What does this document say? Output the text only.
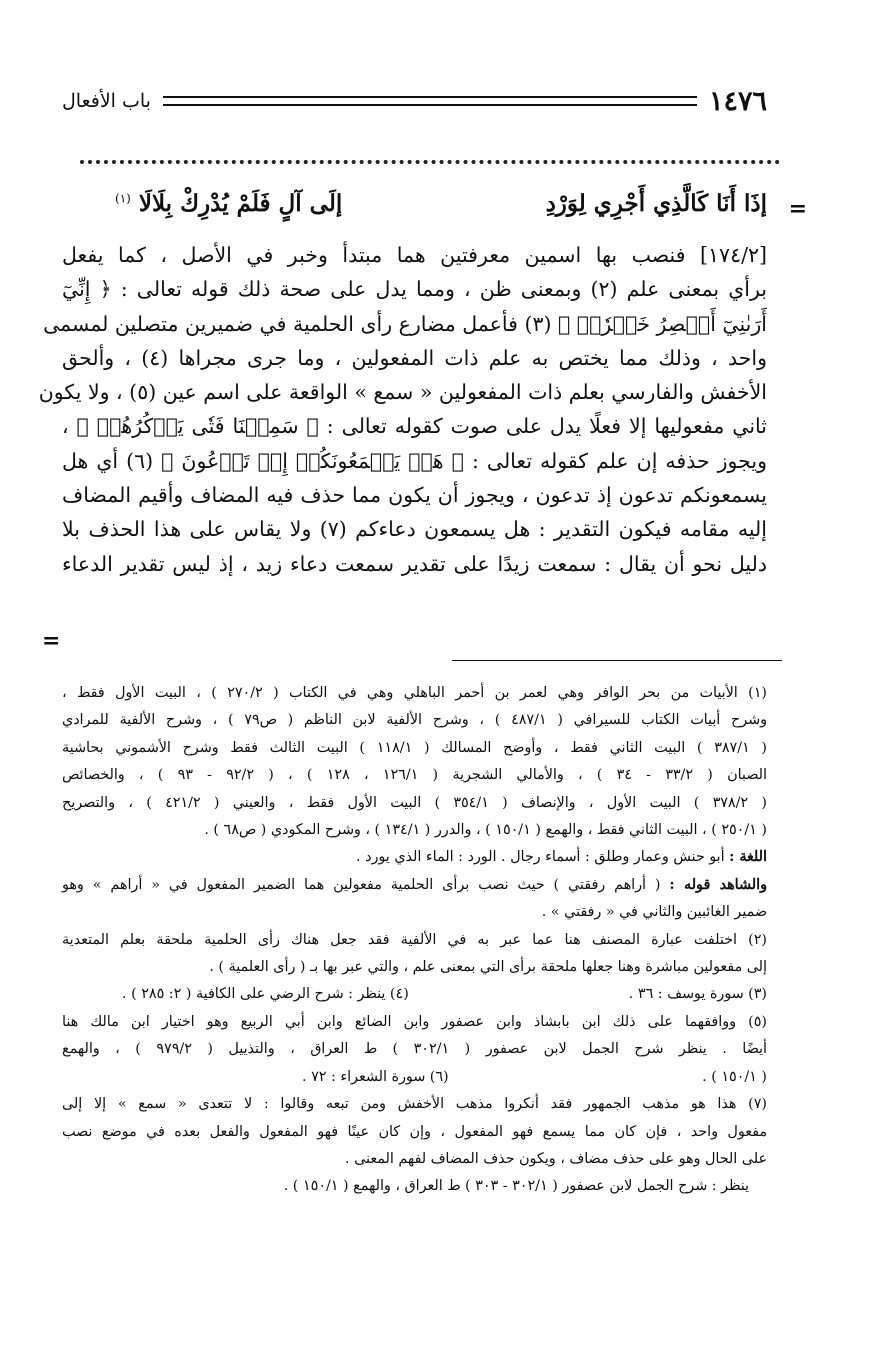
١٤٧٦
باب الأفعال
=
=
إذَا أَنَا كَالَّذِي أَجْرِي لِوَرْدِ
إلَى آلٍ فَلَمْ يُدْرِكْ بِلَالَا $^{(١)}$
[١٧٤/٢] فنصب بها اسمين معرفتين هما مبتدأ وخبر في الأصل ، كما يفعل
برأي بمعنى علم (٢) وبمعنى ظن ، ومما يدل على صحة ذلك قوله تعالى : ﴿ إِنِّيٓ
أَرَىٰنِيٓ أَعۡصِرُ خَمۡرٗاۖ ﴾ (٣) فأعمل مضارع رأى الحلمية في ضميرين متصلين لمسمى
واحد ، وذلك مما يختص به علم ذات المفعولين ، وما جرى مجراها (٤) ، وألحق
الأخفش والفارسي بعلم ذات المفعولين « سمع » الواقعة على اسم عين (٥) ، ولا يكون
ثاني مفعوليها إلا فعلًا يدل على صوت كقوله تعالى : ﴿ سَمِعۡنَا فَتٗى يَذۡكُرُهُمۡ ﴾ ،
ويجوز حذفه إن علم كقوله تعالى : ﴿ هَلۡ يَسۡمَعُونَكُمۡ إِذۡ تَدۡعُونَ ﴾ (٦) أي هل
يسمعونكم تدعون إذ تدعون ، ويجوز أن يكون مما حذف فيه المضاف وأقيم المضاف
إليه مقامه فيكون التقدير : هل يسمعون دعاءكم (٧) ولا يقاس على هذا الحذف بلا
دليل نحو أن يقال : سمعت زيدًا على تقدير سمعت دعاء زيد ، إذ ليس تقدير الدعاء
(١) الأبيات من بحر الوافر وهي لعمر بن أحمر الباهلي وهي في الكتاب ( ٢٧٠/٢ ) ، البيت الأول فقط ،
وشرح أبيات الكتاب للسيرافي ( ٤٨٧/١ ) ، وشرح الألفية لابن الناظم ( ص٧٩ ) ، وشرح الألفية للمرادي
( ٣٨٧/١ ) البيت الثاني فقط ، وأوضح المسالك ( ١١٨/١ ) البيت الثالث فقط وشرح الأشموني بحاشية
الصبان ( ٣٣/٢ - ٣٤ ) ، والأمالي الشجرية ( ١٢٦/١ ، ١٢٨ ) ، ( ٩٢/٢ - ٩٣ ) ، والخصائص
( ٣٧٨/٢ ) البيت الأول ، والإنصاف ( ٣٥٤/١ ) البيت الأول فقط ، والعيني ( ٤٢١/٢ ) ، والتصريح
( ٢٥٠/١ ) ، البيت الثاني فقط ، والهمع ( ١٥٠/١ ) ، والدرر ( ١٣٤/١ ) ، وشرح المكودي ( ص٦٨ ) .
اللغة : أبو حنش وعمار وطلق : أسماء رجال . الورد : الماء الذي يورد .
والشاهد قوله : ( أراهم رفقتي ) حيث نصب برأى الحلمية مفعولين هما الضمير المفعول في « أراهم » وهو
ضمير الغائبين والثاني في « رفقتي » .
(٢) اختلفت عبارة المصنف هنا عما عبر به في الألفية فقد جعل هناك رأى الحلمية ملحقة بعلم المتعدية
إلى مفعولين مباشرة وهنا جعلها ملحقة برأى التي بمعنى علم ، والتي عبر بها بـ ( رأى العلمية ) .
(٣) سورة يوسف : ٣٦ .
(٤) ينظر : شرح الرضي على الكافية ( ٢: ٢٨٥ ) .
(٥) ووافقهما على ذلك ابن بابشاذ وابن عصفور وابن الضائع وابن أبي الربيع وهو اختيار ابن مالك هنا
أيضًا . ينظر شرح الجمل لابن عصفور ( ٣٠٢/١ ) ط العراق ، والتذييل ( ٩٧٩/٢ ) ، والهمع
( ١٥٠/١ ) .
(٦) سورة الشعراء : ٧٢ .
(٧) هذا هو مذهب الجمهور فقد أنكروا مذهب الأخفش ومن تبعه وقالوا : لا تتعدى « سمع » إلا إلى
مفعول واحد ، فإن كان مما يسمع فهو المفعول ، وإن كان عينًا فهو المفعول والفعل بعده في موضع نصب
على الحال وهو على حذف مضاف ، ويكون حذف المضاف لفهم المعنى .
ينظر : شرح الجمل لابن عصفور ( ٣٠٢/١ - ٣٠٣ ) ط العراق ، والهمع ( ١٥٠/١ ) .
